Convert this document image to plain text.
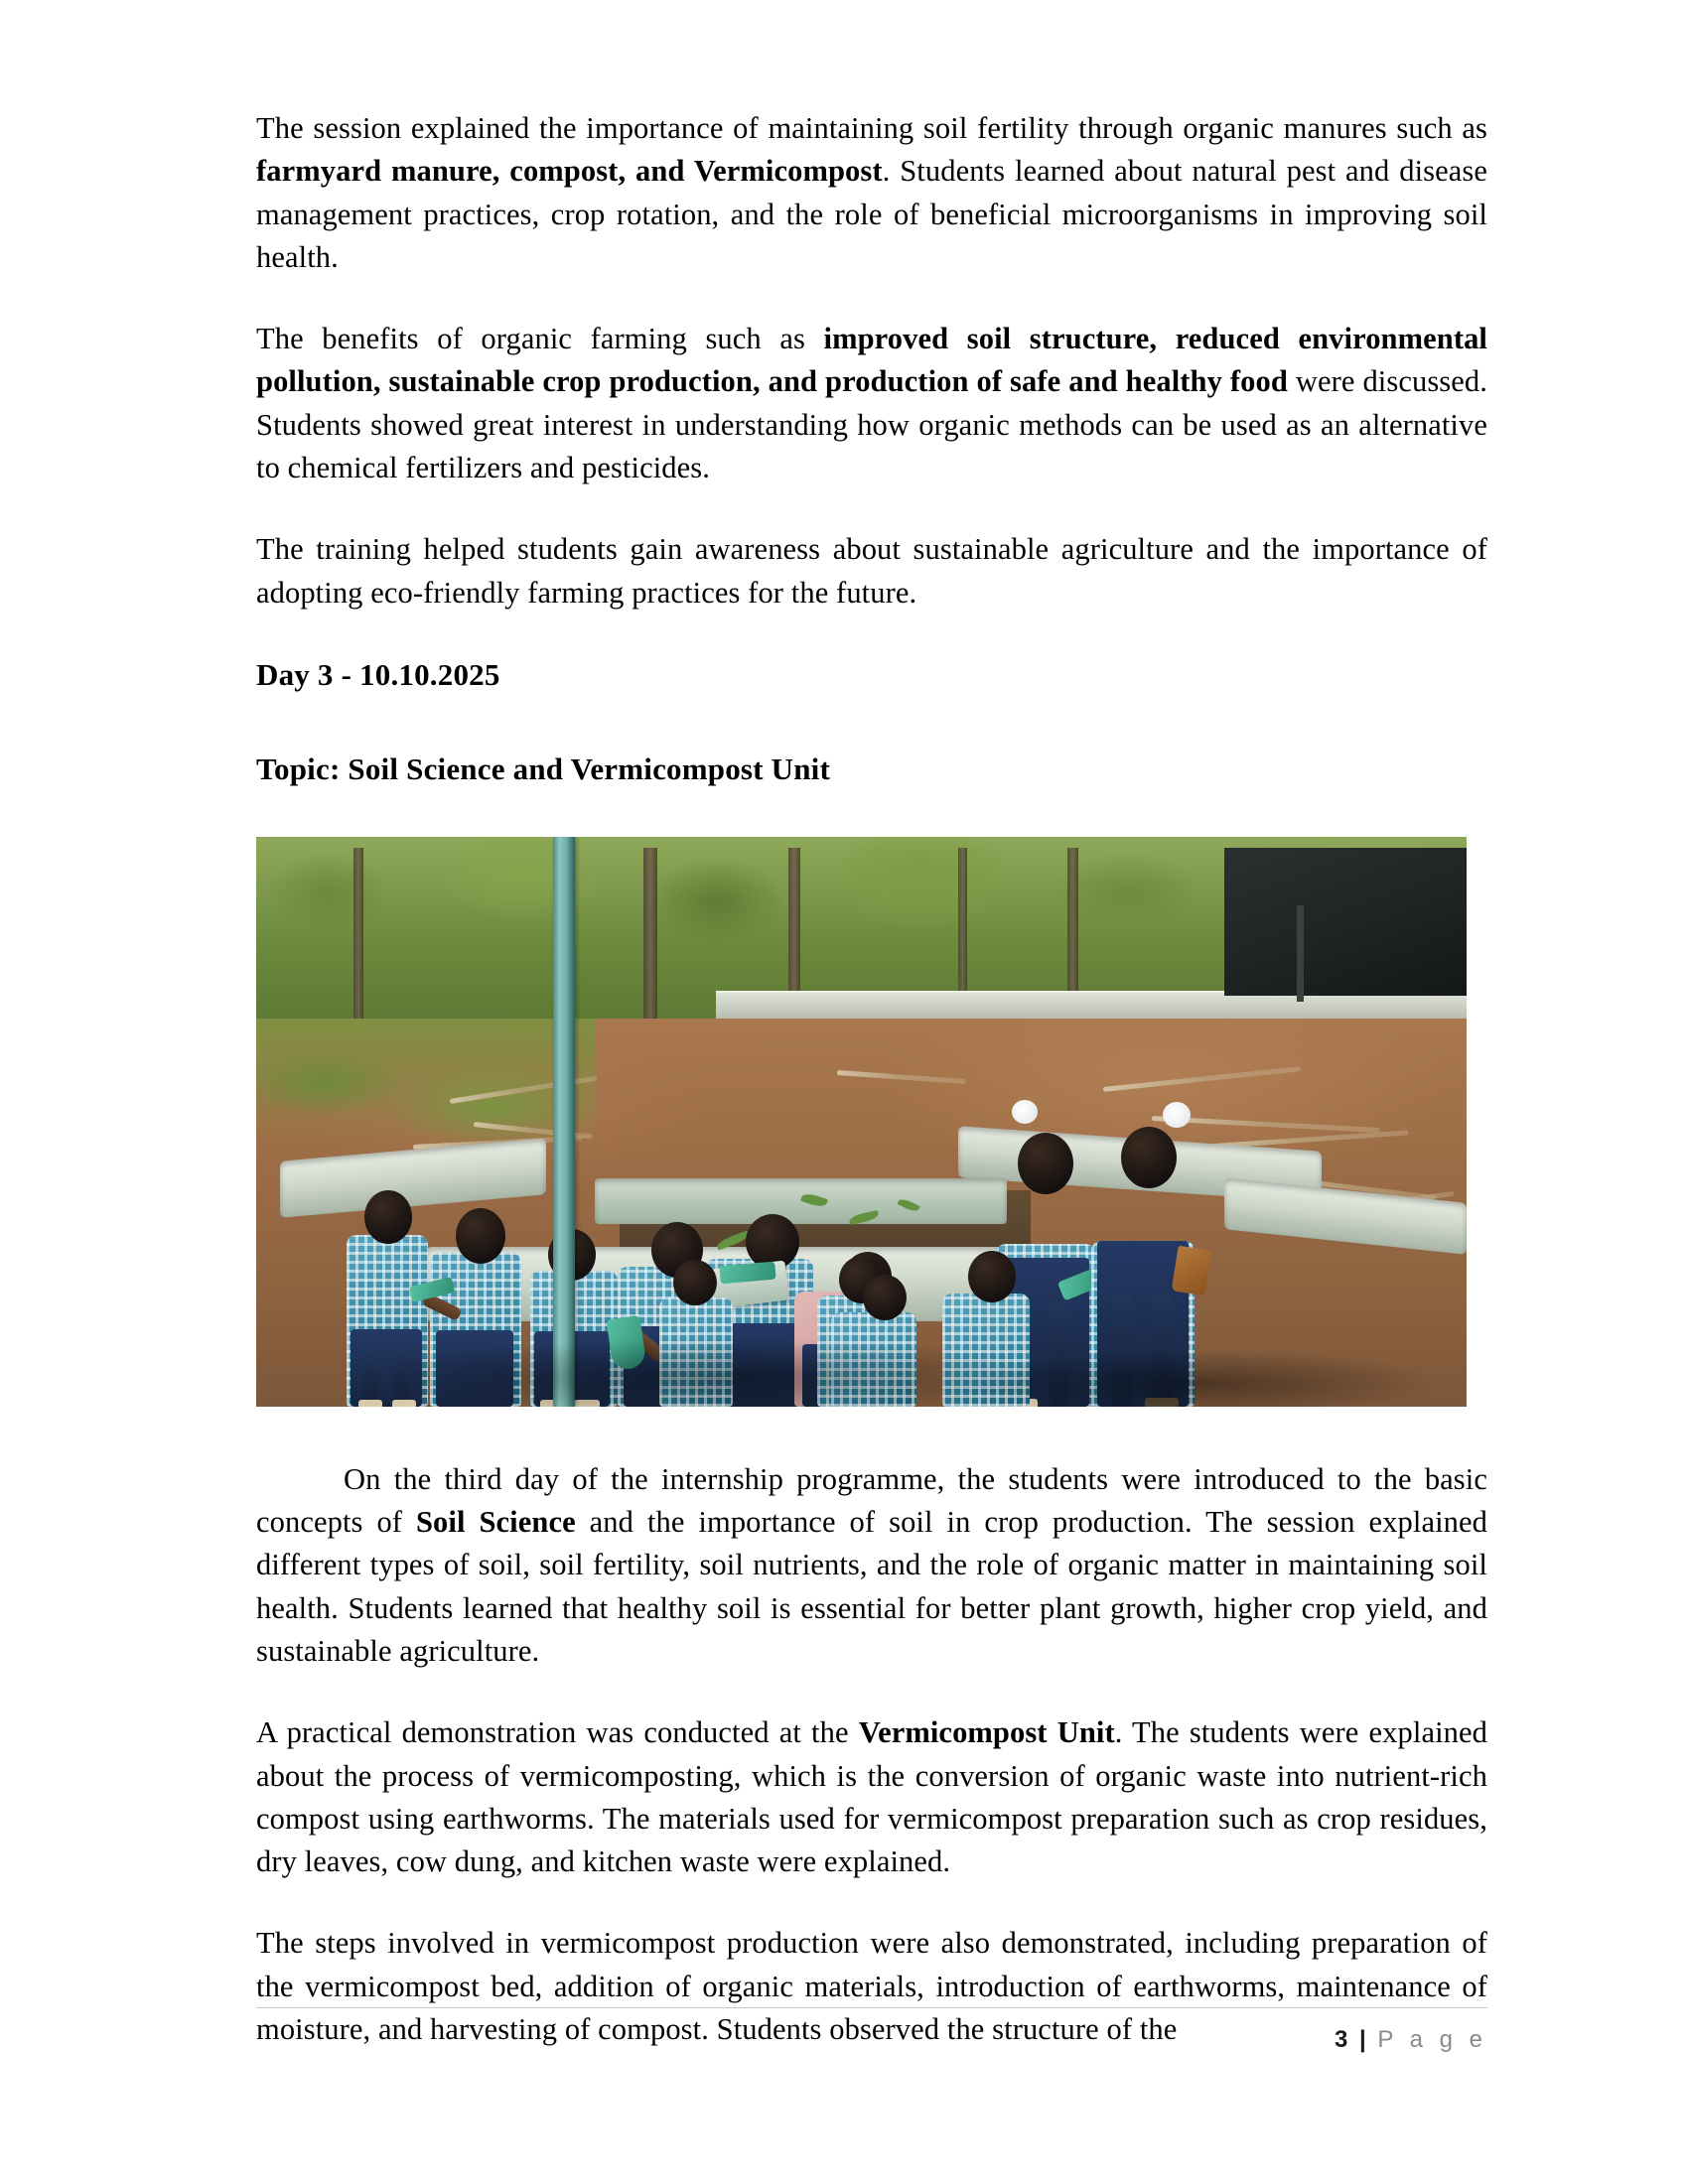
The session explained the importance of maintaining soil fertility through organic manures such as farmyard manure, compost, and Vermicompost. Students learned about natural pest and disease management practices, crop rotation, and the role of beneficial microorganisms in improving soil health.

The benefits of organic farming such as improved soil structure, reduced environmental pollution, sustainable crop production, and production of safe and healthy food were discussed. Students showed great interest in understanding how organic methods can be used as an alternative to chemical fertilizers and pesticides.

The training helped students gain awareness about sustainable agriculture and the importance of adopting eco-friendly farming practices for the future.

Day 3 - 10.10.2025
Topic: Soil Science and Vermicompost Unit

On the third day of the internship programme, the students were introduced to the basic concepts of Soil Science and the importance of soil in crop production. The session explained different types of soil, soil fertility, soil nutrients, and the role of organic matter in maintaining soil health. Students learned that healthy soil is essential for better plant growth, higher crop yield, and sustainable agriculture.

A practical demonstration was conducted at the Vermicompost Unit. The students were explained about the process of vermicomposting, which is the conversion of organic waste into nutrient-rich compost using earthworms. The materials used for vermicompost preparation such as crop residues, dry leaves, cow dung, and kitchen waste were explained.

The steps involved in vermicompost production were also demonstrated, including preparation of the vermicompost bed, addition of organic materials, introduction of earthworms, maintenance of moisture, and harvesting of compost. Students observed the structure of the	3 | P a g e
